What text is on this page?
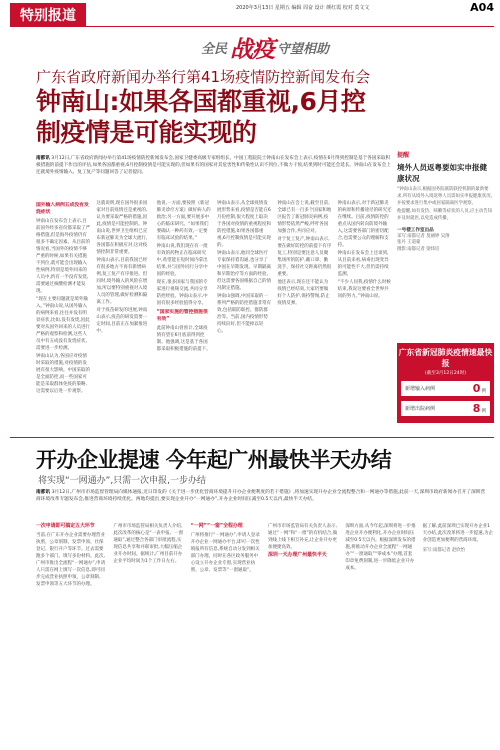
特别报道	2020年3月13日 星期五 编辑 周奋 设计 颜红霞 校对 莫文文	A04
全民 战疫 守望相助
广东省政府新闻办举行第41场疫情防控新闻发布会
钟南山:如果各国都重视,6月控制疫情是可能实现的
南都讯 3月12日,广东省政府新闻办举行第41场疫情防控新闻发布会,国家卫健委高级专家组组长、中国工程院院士钟南山在发布会上表示,疫情在6月得到控制是基于各国采取积极措施的前提下作出的评估,如果各国都重视,6月控制疫情是可能实现的,但如果有的国家对其危害性和传染性认识不到位,不做力干预,结果到时可能还会延长。钟南山在发布会上还就境外疫情输入、复工复产等问题回答了记者提问。
国外输入病例五成没有发烧症状

钟南山在发布会上表示,目前国外经多省份都采取了严格措施,但是海外疫情仍有很多不确定因素。从目前的情况看,当国外的疫情不够严重的时候,如果有关措施不到位,就可能会出现输入性病例,特别是境外回来的人员中,约有一半没有发烧,需要通过核酸检测才能发现。

“现在主要问题就是境外输入。”钟南山说,从国外输入的病例来看,往往并没有明显症状,比如,没有发烧,因此要对从国外回来的人员进行严格的观察和检测,这些人员中有五成没有发烧症状,需要进一步检测。

钟南山认为,各国应对疫情时采取的措施,对疫情的发展有很大影响。中国采取的是全面防控,而一些国家可能是采取群体免疫的策略,这需要以后进一步观察。

这就说明,现在国外很多国家对目前疫情还是重视的,认为要采取严格的措施,因此,疫情是可能控制的。钟南山说,世界卫生组织已宣布新冠肺炎为全球大流行,各国都在积极应对,这对疫情控制非常重要。

钟南山表示,目前我国已经有很多地方不再有新增病例,复工复产有序推进。但同时,境外输入的风险在增加,所以要特别重视对入境人员的管理,做好检测和隔离工作。

对于疫苗研发的进展,钟南山表示,疫苗的研发需要一定时间,目前正在加紧推进中。

他说,一方面,要按照《新冠肺炎诊疗方案》做好病人的救治;另一方面,要开展多中心的临床研究。“如果我们要确认一种药有效,一定要有临床试验的结果。”

钟南山说,我们现在有一批有效的药物正在临床研究中,希望能在短时间内拿出结果,并与国外同行分享中国的经验。

现在,很多国家与我国的专家进行视频交流,共同分享防控经验。钟南山表示,中国有很多经验值得分享。

“国家实施的管控措施很有效”

此前钟南山曾预计,全球疫情有望在6月底前得到控制。他强调,这是基于各国都采取积极措施的前提下。

钟南山表示,从全球疫情发展形势来看,疫情是否能在6月份控制,很大程度上取决于各国对疫情的重视程度和防控措施,如果各国都重视,6月控制疫情是可能实现的。

钟南山表示,他同全球医疗专家保持着沟通,也分享了中国在早期发现、早期隔离和早期治疗等方面的经验,但这需要各国根据自己的情况制定措施。

钟南山强调,中国采取的一系列严格的防控措施非常有效,包括联防联控、群防群治等。当前,国内疫情形势持续向好,但不能掉以轻心。

钟南山在会上说,截至目前,全球已有一百多个国家和地区报告了新冠肺炎病例,疫情形势依然严峻,呼吁各国加强合作,共同应对。

对于复工复产,钟南山表示,要在做好防控的前提下有序复工,特别是要注意人员聚集场所的防护,戴口罩、勤洗手、保持社交距离仍然很重要。

他还表示,现在还不能认为疫情已经结束,大家仍要做好个人防护,保持警惕,防止疫情反弹。

钟南山表示,对于新冠肺炎的病原和传播途径的研究还在继续。目前,疫情防控的重点从国内转向防境外输入,这需要各部门的密切配合,也需要公众的理解和支持。

钟南山在发布会上还谈到,从目前来看,病毒出现变异的可能性不大,但仍需持续监测。

“不少人问我,疫情什么时候结束,我说这要看全世界共同的努力。”钟南山说。

提醒
境外人员返粤要如实申报健康状况

“钟南山表示,根据国务院联防联控机制的最新要求,所有从境外入境返粤人员需如实申报健康状况,并按要求进行集中或居家隔离医学观察。

他提醒,如有发热、咳嗽等症状的人员,应主动告知并及时就医,以免造成传播。

一号楼工作室出品
采写:南都记者 莫丽婷 吴溶
张丹 王道蒙
摄影:南都记者 梁炜培
广东省新冠肺炎疫情速最快报
(截至3月12日24时)
新增输入病例	0例
新增出院病例	8例
开办企业提速 今年起广州最快半天办结
将实现“一网通办”,只需一次申报,一步办结
南都讯 3月12日,广州市市场监督管理局向媒体通报,近日印发的《关于进一步优化营商环境提升开办企业便利度的若干措施》,将加速实现开办企业全流程整合和一网通办等措施,此前一天,深圳市政府新闻办召开了深圳营商环境改革专题发布会,推进营商环境持续优化。两地均提出,要实现企业开办“一网通办”,开办企业时间压减至0.5天以内,最快半天办结。
一次申请即可搞定五大环节

当前,在广东开办企业需要办理营业执照、公章刻制、发票申领、社保登记、银行开户等环节。过去需要跑多个部门、填写多份材料。此次,广州市推出全流程“一网通办”,申请人只需在网上填写一次信息,即可同步完成营业执照申领、公章刻制、发票申领等五大环节的办理。

广州市市场监管局相关负责人介绍,此次改革的核心是“一表申报、一窗通取”,通过整合各部门审批流程,实现信息共享和并联审批,大幅压缩企业开办时间。据统计,广州目前开办企业平均时间为1个工作日左右。

“一网”“一窗”全程办理

广州将推行“一网通办”,申请人登录开办企业一网通办平台,即可一次性填报所有信息,系统自动分发到相关部门办理。同时在各区政务服务中心设立开办企业专窗,实现营业执照、公章、发票等“一窗通取”。

广州市市场监管局有关负责人表示,通过“一网”和“一窗”的有机结合,做到线上线下相互补充,让企业开办更加便捷高效。

深圳一天办理广州最快半天

深圳方面,从今年起,深圳将进一步推进企业开办便利化,开办企业时间压减至0.5天以内。根据深圳发布的措施,将推动开办企业全流程“一网通办”“一窗通取”“零成本”办理,首套印章免费刻制,进一步降低企业开办成本。

据了解,此前深圳已实现开办企业1天办结,此次改革将进一步提速,为企业创造更加便利的营商环境。

采写:南都记者 赵欣怡
